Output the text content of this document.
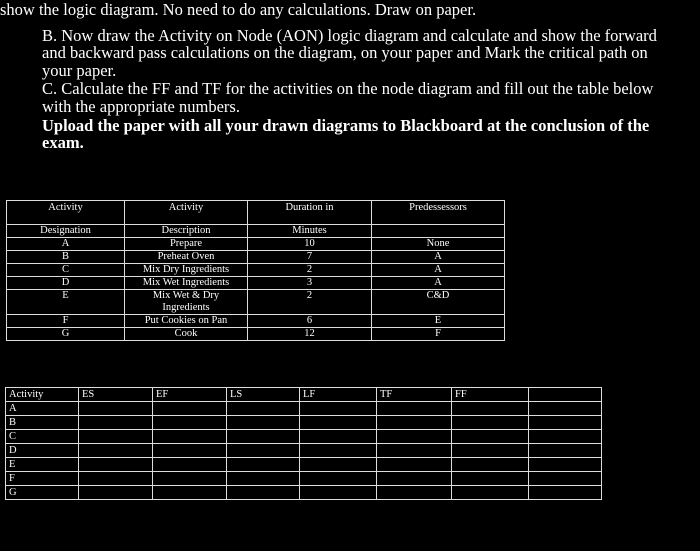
show the logic diagram. No need to do any calculations. Draw on paper.
B. Now draw the Activity on Node (AON) logic diagram and calculate and show the forward
and backward pass calculations on the diagram, on your paper and Mark the critical path on
your paper.
C. Calculate the FF and TF for the activities on the node diagram and fill out the table below
with the appropriate numbers.
Upload the paper with all your drawn diagrams to Blackboard at the conclusion of the
exam.
Activity	Activity	Duration in	Predessessors
Designation	Description	Minutes	
A	Prepare	10	None
B	Preheat Oven	7	A
C	Mix Dry Ingredients	2	A
D	Mix Wet Ingredients	3	A
E	Mix Wet & Dry
Ingredients	2	C&D
F	Put Cookies on Pan	6	E
G	Cook	12	F
Activity	ES	EF	LS	LF	TF	FF	
A							
B							
C							
D							
E							
F							
G							
